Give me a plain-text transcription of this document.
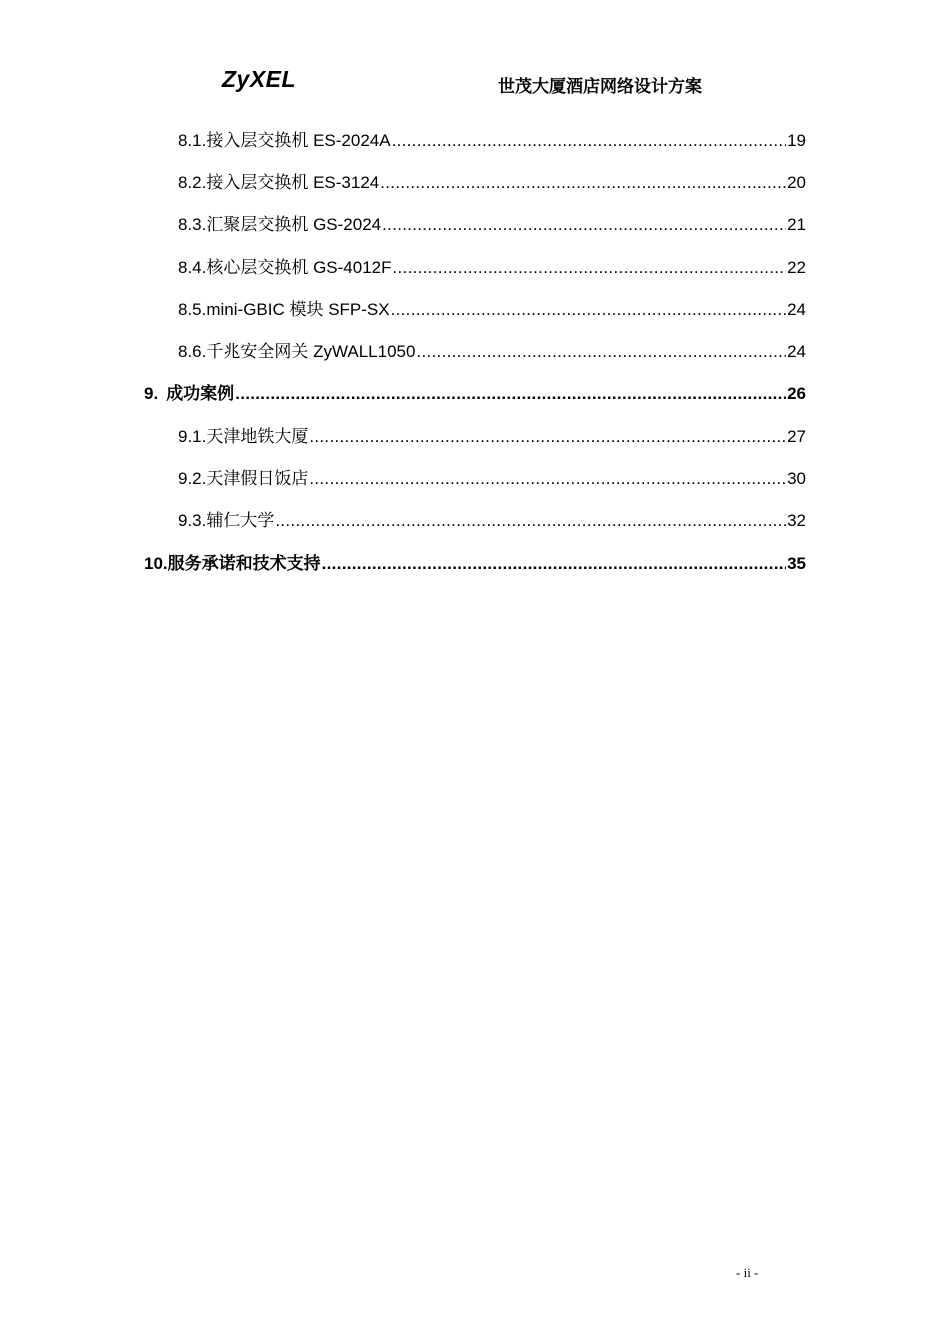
ZyXEL	世茂大厦酒店网络设计方案
8.1. 接入层交换机 ES-2024A .....	19
8.2. 接入层交换机 ES-3124 .....	20
8.3. 汇聚层交换机 GS-2024 .....	21
8.4. 核心层交换机 GS-4012F .....	22
8.5. mini-GBIC 模块 SFP-SX .....	24
8.6. 千兆安全网关 ZyWALL1050 .....	24
9. 成功案例 .....	26
9.1. 天津地铁大厦 .....	27
9.2. 天津假日饭店 .....	30
9.3. 辅仁大学 .....	32
10. 服务承诺和技术支持 .....	35
- ii -
